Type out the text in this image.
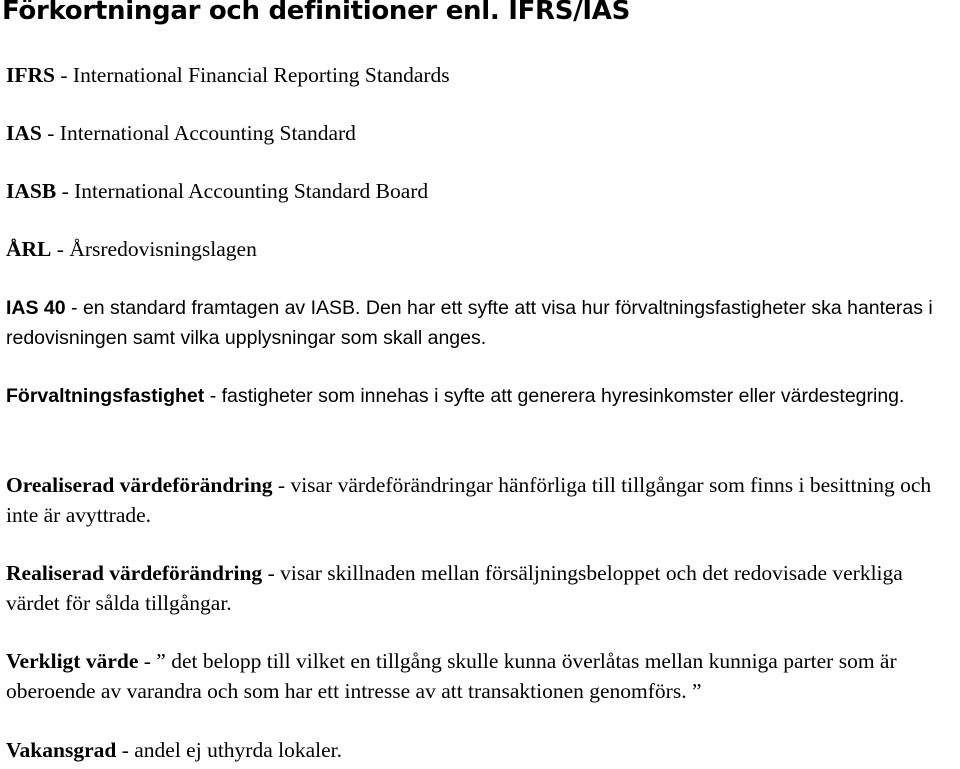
Förkortningar och definitioner enl. IFRS/IAS

IFRS - International Financial Reporting Standards

IAS - International Accounting Standard

IASB - International Accounting Standard Board

ÅRL - Årsredovisningslagen

IAS 40 - en standard framtagen av IASB. Den har ett syfte att visa hur förvaltningsfastigheter ska hanteras i redovisningen samt vilka upplysningar som skall anges.

Förvaltningsfastighet - fastigheter som innehas i syfte att generera hyresinkomster eller värdestegring.

Orealiserad värdeförändring - visar värdeförändringar hänförliga till tillgångar som finns i besittning och inte är avyttrade.

Realiserad värdeförändring - visar skillnaden mellan försäljningsbeloppet och det redovisade verkliga värdet för sålda tillgångar.

Verkligt värde - ” det belopp till vilket en tillgång skulle kunna överlåtas mellan kunniga parter som är oberoende av varandra och som har ett intresse av att transaktionen genomförs. ”

Vakansgrad - andel ej uthyrda lokaler.
